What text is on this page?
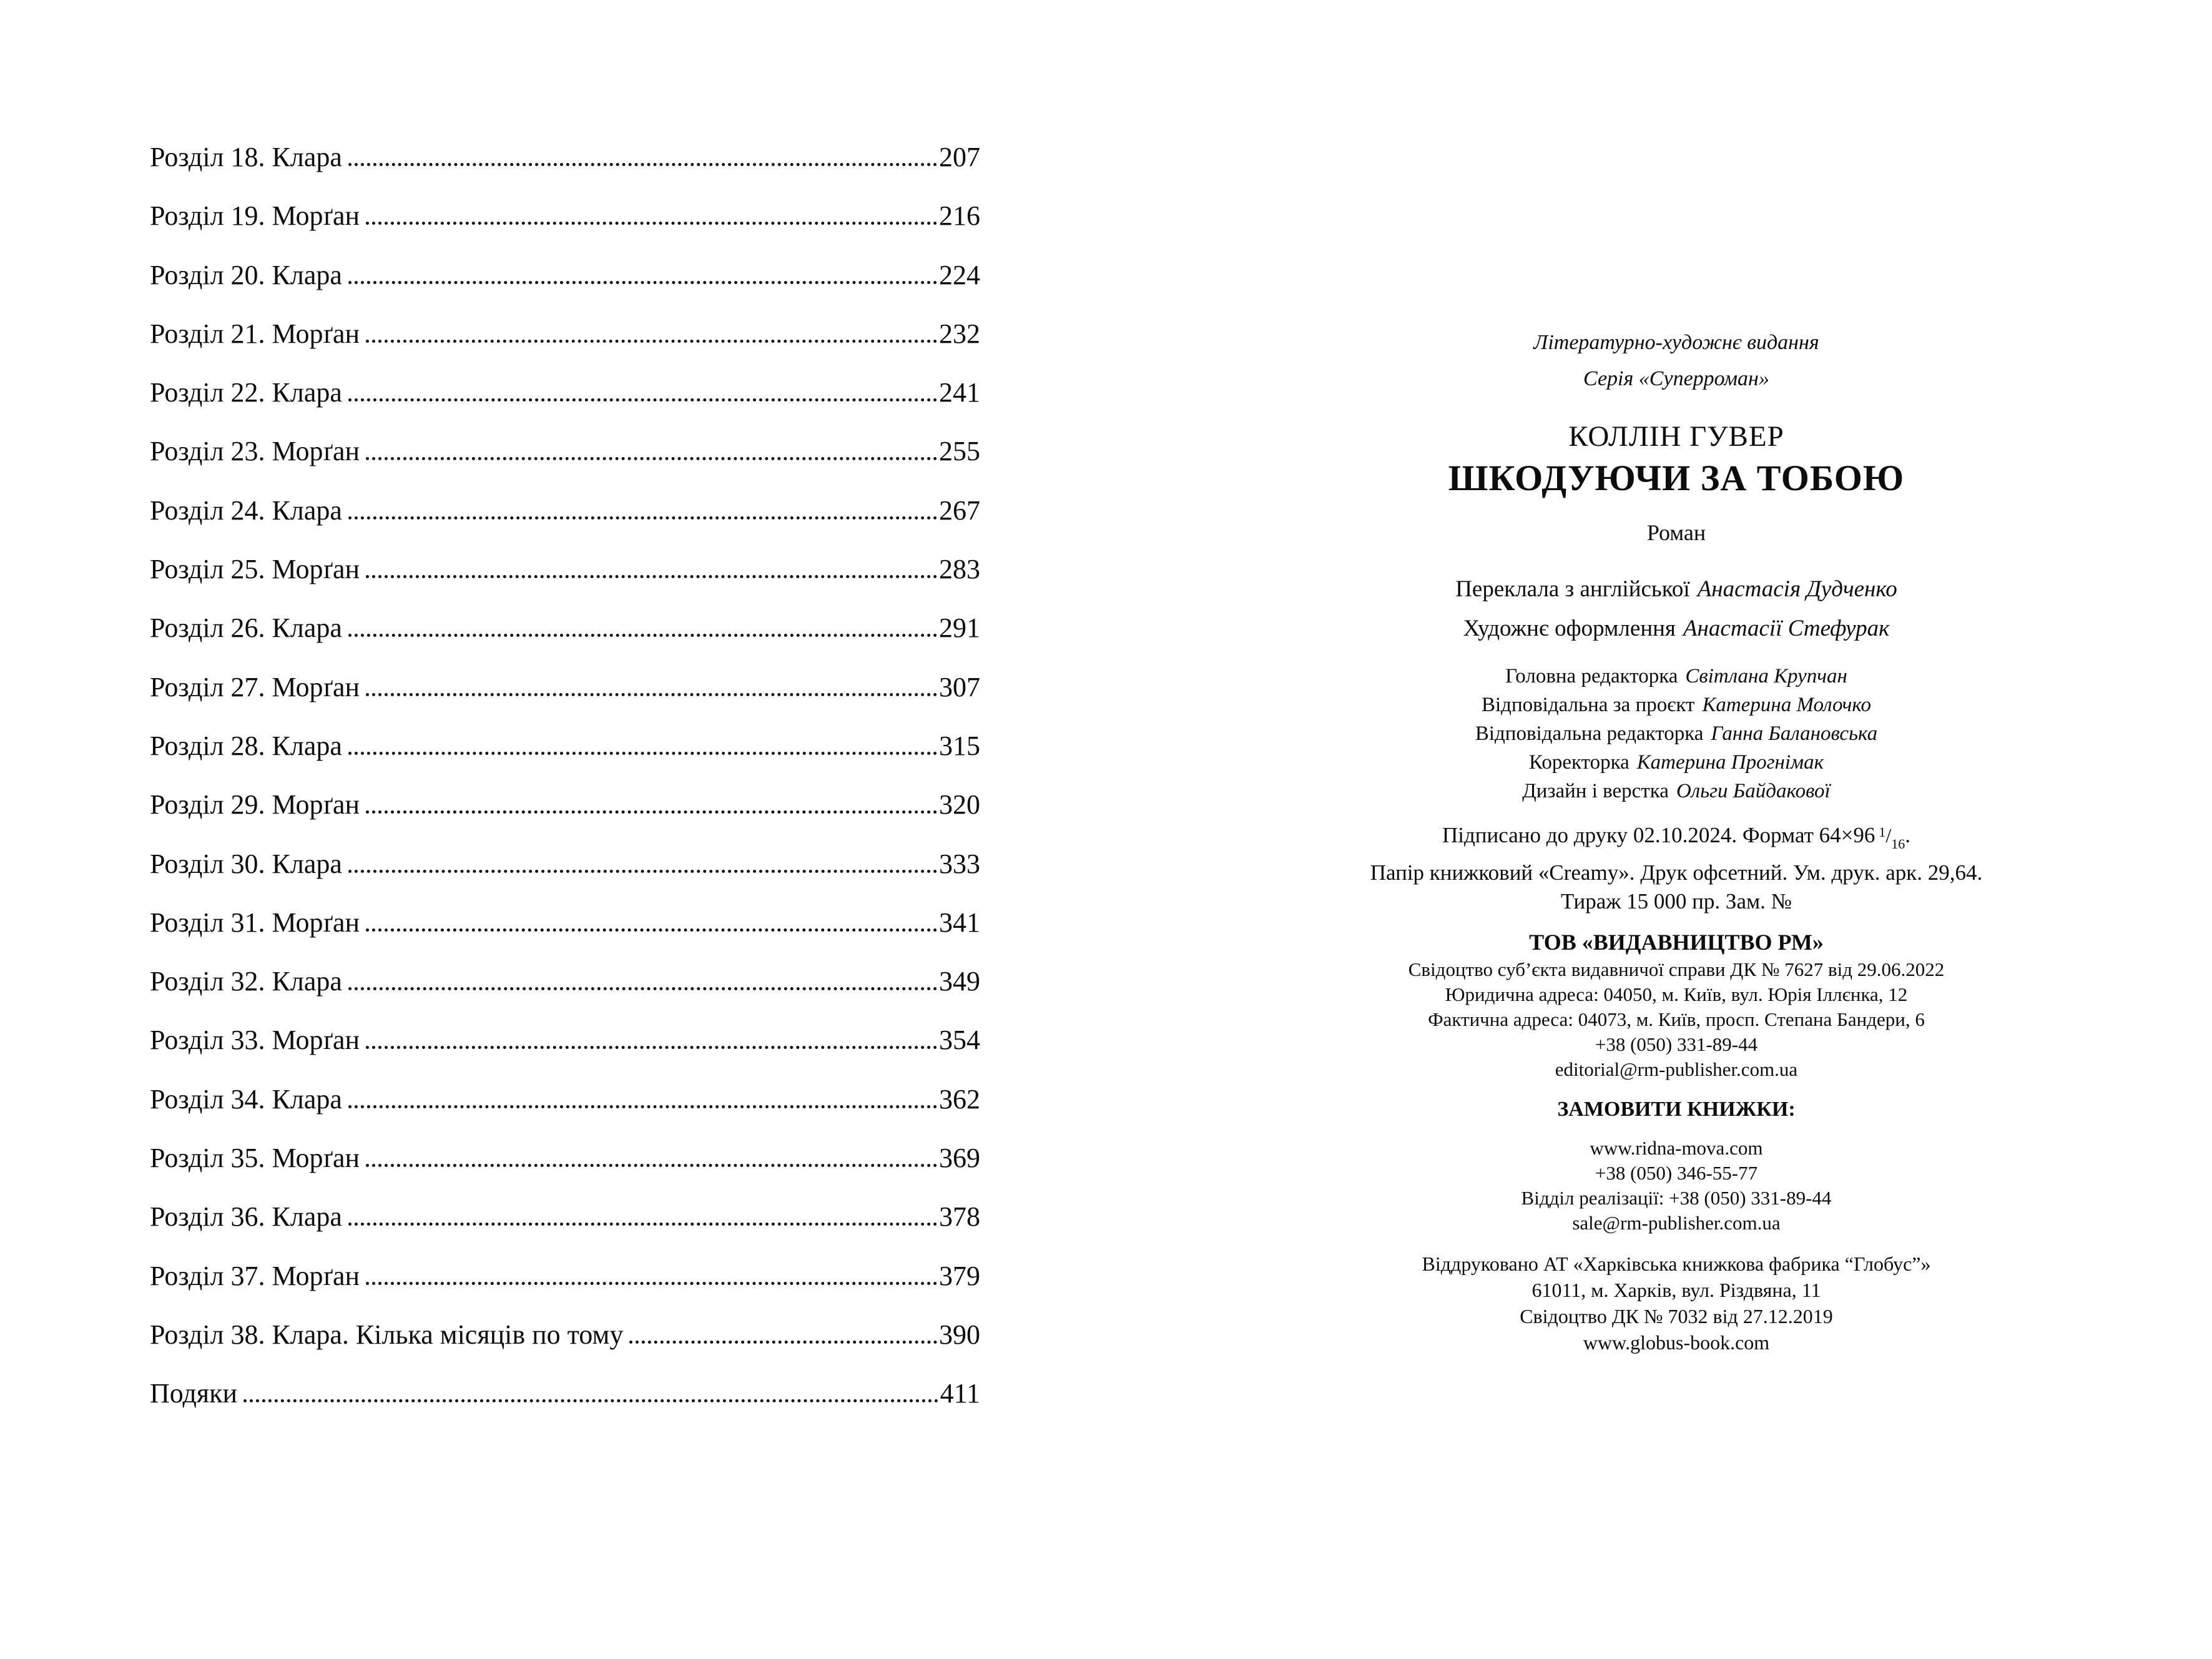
Розділ 18. Клара	207
Розділ 19. Морґан	216
Розділ 20. Клара	224
Розділ 21. Морґан	232
Розділ 22. Клара	241
Розділ 23. Морґан	255
Розділ 24. Клара	267
Розділ 25. Морґан	283
Розділ 26. Клара	291
Розділ 27. Морґан	307
Розділ 28. Клара	315
Розділ 29. Морґан	320
Розділ 30. Клара	333
Розділ 31. Морґан	341
Розділ 32. Клара	349
Розділ 33. Морґан	354
Розділ 34. Клара	362
Розділ 35. Морґан	369
Розділ 36. Клара	378
Розділ 37. Морґан	379
Розділ 38. Клара. Кілька місяців по тому	390
Подяки	411
Літературно-художнє видання
Серія «Суперроман»
КОЛЛІН ГУВЕР
ШКОДУЮЧИ ЗА ТОБОЮ
Роман
Переклала з англійської Анастасія Дудченко
Художнє оформлення Анастасії Стефурак
Головна редакторка Світлана Крупчан
Відповідальна за проєкт Катерина Молочко
Відповідальна редакторка Ганна Балановська
Коректорка Катерина Прогнімак
Дизайн і верстка Ольги Байдакової
Підписано до друку 02.10.2024. Формат 64×96 $^1/_{16}$.
Папір книжковий «Creamy». Друк офсетний. Ум. друк. арк. 29,64.
Тираж 15 000 пр. Зам. №
ТОВ «ВИДАВНИЦТВО РМ»
Свідоцтво суб’єкта видавничої справи ДК № 7627 від 29.06.2022
Юридична адреса: 04050, м. Київ, вул. Юрія Іллєнка, 12
Фактична адреса: 04073, м. Київ, просп. Степана Бандери, 6
+38 (050) 331-89-44
editorial@rm-publisher.com.ua
ЗАМОВИТИ КНИЖКИ:
www.ridna-mova.com
+38 (050) 346-55-77
Відділ реалізації: +38 (050) 331-89-44
sale@rm-publisher.com.ua
Віддруковано АТ «Харківська книжкова фабрика “Глобус”»
61011, м. Харків, вул. Різдвяна, 11
Свідоцтво ДК № 7032 від 27.12.2019
www.globus-book.com
